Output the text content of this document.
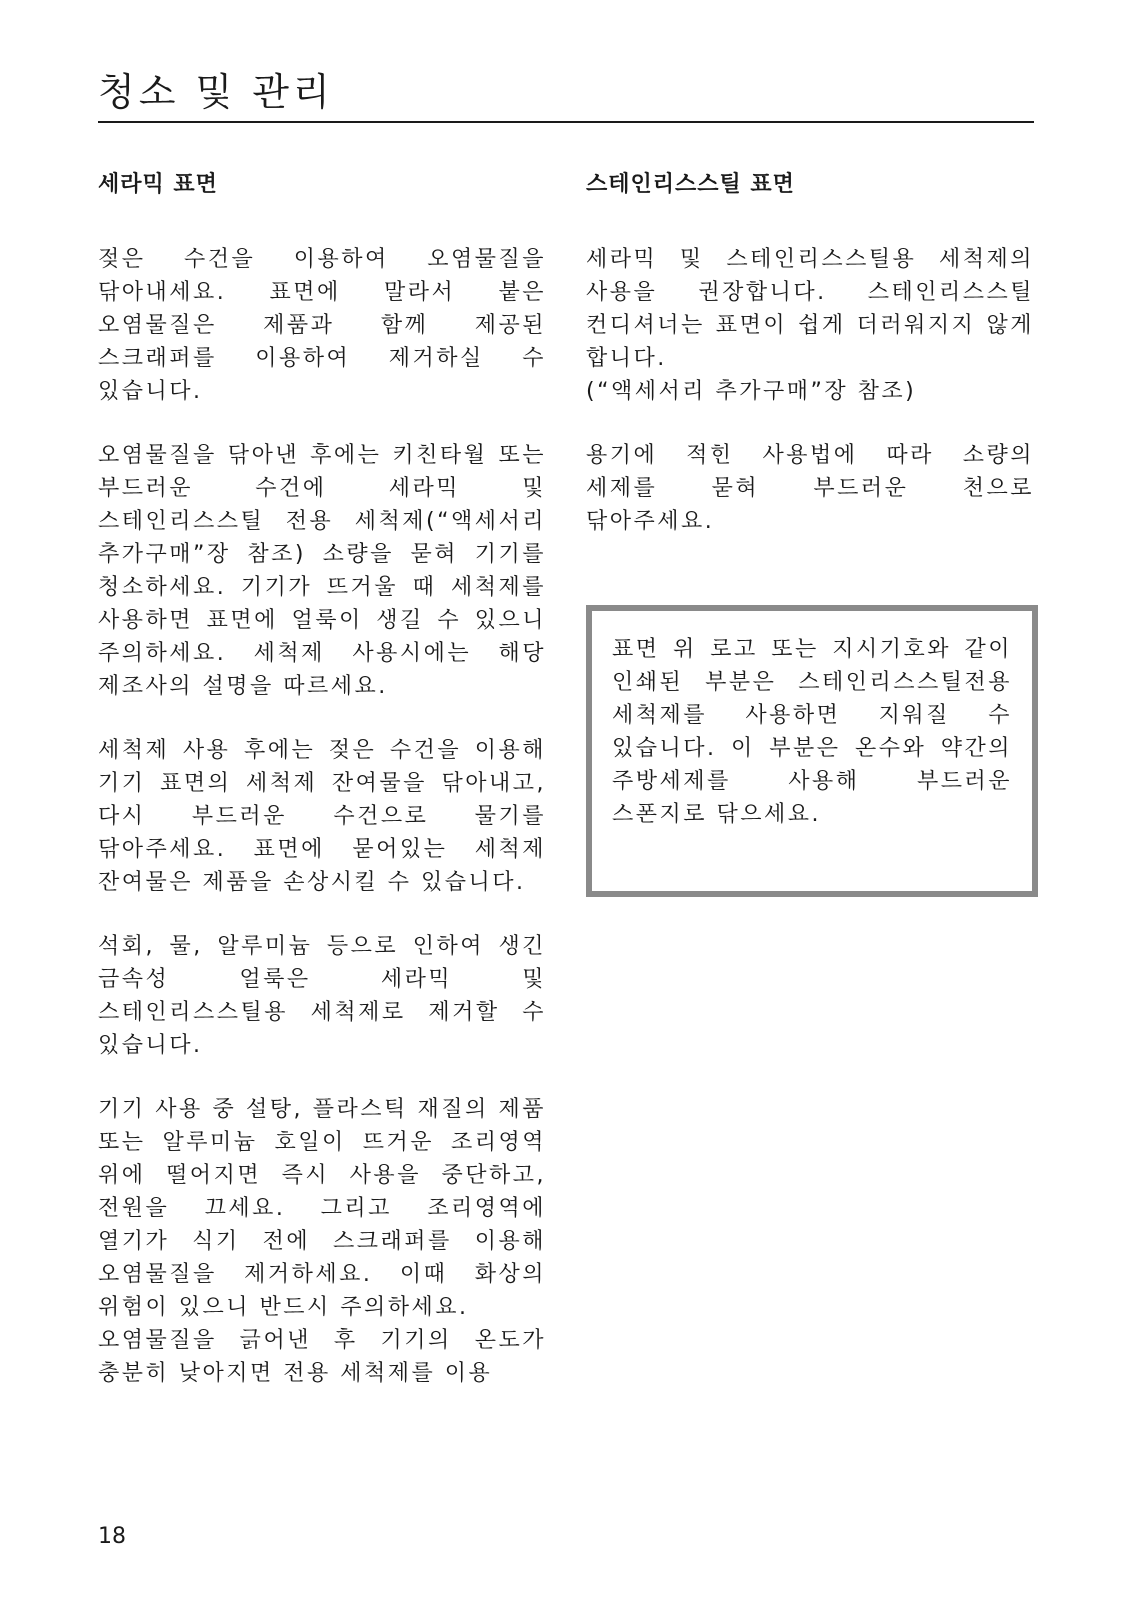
청소 및 관리
세라믹 표면

젖은 수건을 이용하여 오염물질을 닦아내세요. 표면에 말라서 붙은 오염물질은 제품과 함께 제공된 스크래퍼를 이용하여 제거하실 수 있습니다.

오염물질을 닦아낸 후에는 키친타월 또는 부드러운 수건에 세라믹 및 스테인리스스틸 전용 세척제(“액세서리 추가구매”장 참조) 소량을 묻혀 기기를 청소하세요. 기기가 뜨거울 때 세척제를 사용하면 표면에 얼룩이 생길 수 있으니 주의하세요. 세척제 사용시에는 해당 제조사의 설명을 따르세요.

세척제 사용 후에는 젖은 수건을 이용해 기기 표면의 세척제 잔여물을 닦아내고, 다시 부드러운 수건으로 물기를 닦아주세요. 표면에 묻어있는 세척제 잔여물은 제품을 손상시킬 수 있습니다.

석회, 물, 알루미늄 등으로 인하여 생긴 금속성 얼룩은 세라믹 및 스테인리스스틸용 세척제로 제거할 수 있습니다.

기기 사용 중 설탕, 플라스틱 재질의 제품 또는 알루미늄 호일이 뜨거운 조리영역 위에 떨어지면 즉시 사용을 중단하고, 전원을 끄세요. 그리고 조리영역에 열기가 식기 전에 스크래퍼를 이용해 오염물질을 제거하세요. 이때 화상의 위험이 있으니 반드시 주의하세요.

오염물질을 긁어낸 후 기기의 온도가 충분히 낮아지면 전용 세척제를 이용

스테인리스스틸 표면
세라믹 및 스테인리스스틸용 세척제의 사용을 권장합니다. 스테인리스스틸 컨디셔너는 표면이 쉽게 더러워지지 않게 합니다.
(“액세서리 추가구매”장 참조)

용기에 적힌 사용법에 따라 소량의 세제를 묻혀 부드러운 천으로 닦아주세요.

표면 위 로고 또는 지시기호와 같이 인쇄된 부분은 스테인리스스틸전용 세척제를 사용하면 지워질 수 있습니다. 이 부분은 온수와 약간의 주방세제를 사용해 부드러운 스폰지로 닦으세요.

18
